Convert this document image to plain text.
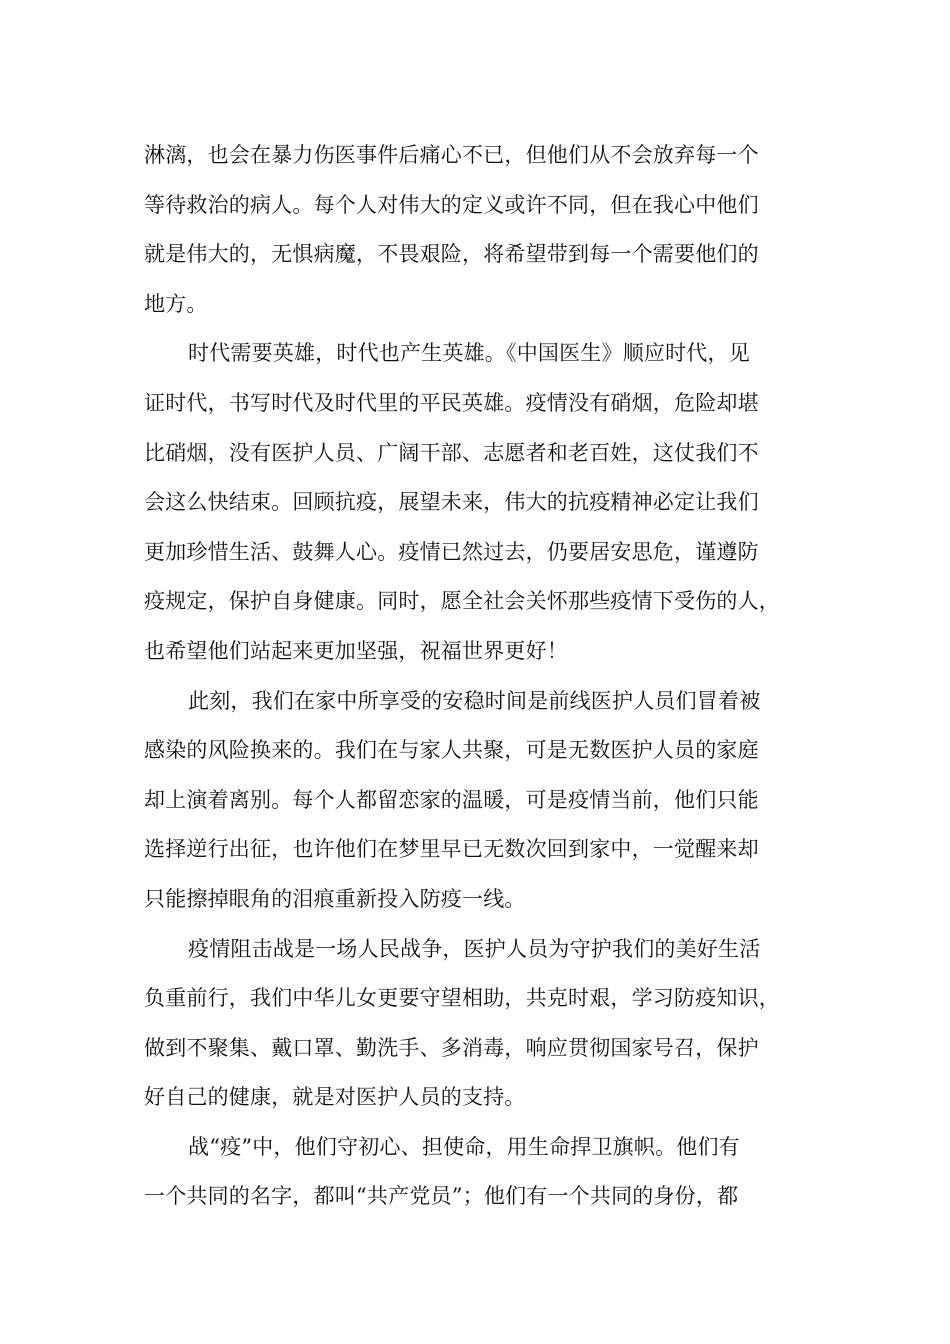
淋漓，也会在暴力伤医事件后痛心不已，但他们从不会放弃每一个
等待救治的病人。每个人对伟大的定义或许不同，但在我心中他们
就是伟大的，无惧病魔，不畏艰险，将希望带到每一个需要他们的
地方。
时代需要英雄，时代也产生英雄。《中国医生》顺应时代，见
证时代，书写时代及时代里的平民英雄。疫情没有硝烟，危险却堪
比硝烟，没有医护人员、广阔干部、志愿者和老百姓，这仗我们不
会这么快结束。回顾抗疫，展望未来，伟大的抗疫精神必定让我们
更加珍惜生活、鼓舞人心。疫情已然过去，仍要居安思危，谨遵防
疫规定，保护自身健康。同时，愿全社会关怀那些疫情下受伤的人，
也希望他们站起来更加坚强，祝福世界更好！
此刻，我们在家中所享受的安稳时间是前线医护人员们冒着被
感染的风险换来的。我们在与家人共聚，可是无数医护人员的家庭
却上演着离别。每个人都留恋家的温暖，可是疫情当前，他们只能
选择逆行出征，也许他们在梦里早已无数次回到家中，一觉醒来却
只能擦掉眼角的泪痕重新投入防疫一线。
疫情阻击战是一场人民战争，医护人员为守护我们的美好生活
负重前行，我们中华儿女更要守望相助，共克时艰，学习防疫知识，
做到不聚集、戴口罩、勤洗手、多消毒，响应贯彻国家号召，保护
好自己的健康，就是对医护人员的支持。
战“疫”中，他们守初心、担使命，用生命捍卫旗帜。他们有
一个共同的名字，都叫“共产党员”；他们有一个共同的身份，都
